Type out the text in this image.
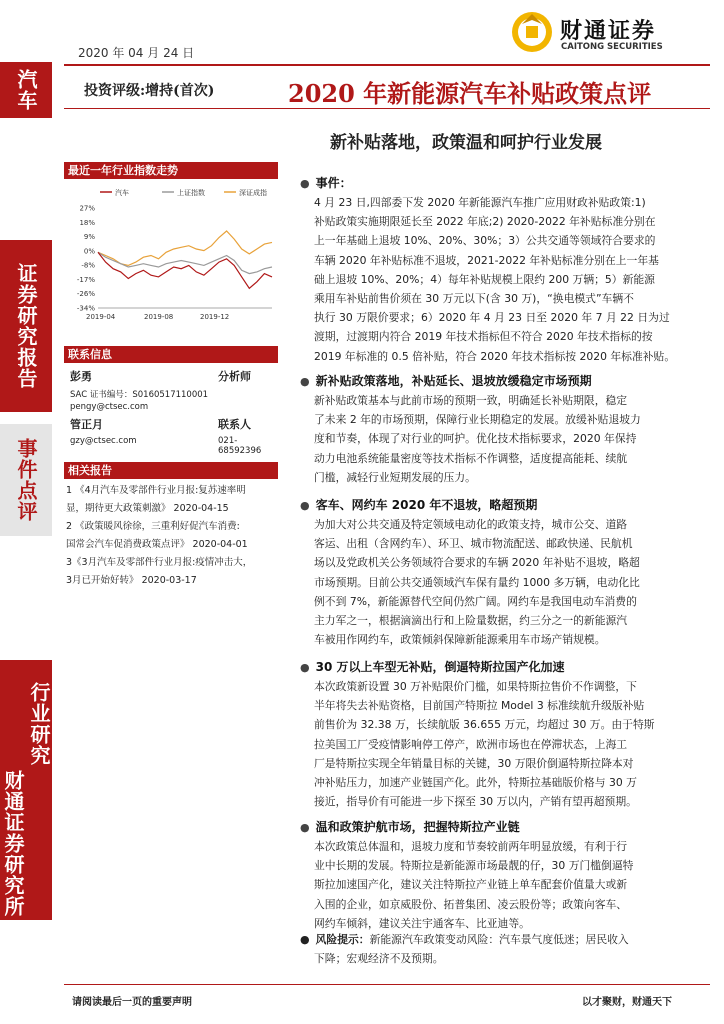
汽车
证券研究报告
事件点评
财通证券研究所
行业研究
2020 年 04 月 24 日
财通证券
CAITONG SECURITIES
投资评级:增持(首次)	2020 年新能源汽车补贴政策点评
新补贴落地，政策温和呵护行业发展
最近一年行业指数走势
汽车	上证指数	深证成指
27%
18%
9%
0%
-8%
-17%
-26%
-34%
2019-04	2019-08	2019-12
联系信息
彭勇	分析师
SAC 证书编号：S0160517110001
pengy@ctsec.com
管正月	联系人
gzy@ctsec.com	021-68592396
相关报告
1 《4月汽车及零部件行业月报:复苏速率明
显，期待更大政策刺激》 2020-04-15
2 《政策暖风徐徐，三重利好促汽车消费:
国常会汽车促消费政策点评》 2020-04-01
3《3月汽车及零部件行业月报:疫情冲击大，
3月已开始好转》 2020-03-17
● 事件：
4 月 23 日,四部委下发 2020 年新能源汽车推广应用财政补贴政策:1)
补贴政策实施期限延长至 2022 年底;2) 2020-2022 年补贴标准分别在
上一年基础上退坡 10%、20%、30%；3）公共交通等领域符合要求的
车辆 2020 年补贴标准不退坡，2021-2022 年补贴标准分别在上一年基
础上退坡 10%、20%；4）每年补贴规模上限约 200 万辆；5）新能源
乘用车补贴前售价须在 30 万元以下(含 30 万)，“换电模式”车辆不
执行 30 万限价要求；6）2020 年 4 月 23 日至 2020 年 7 月 22 日为过
渡期，过渡期内符合 2019 年技术指标但不符合 2020 年技术指标的按
2019 年标准的 0.5 倍补贴，符合 2020 年技术指标按 2020 年标准补贴。
● 新补贴政策落地，补贴延长、退坡放缓稳定市场预期
新补贴政策基本与此前市场的预期一致，明确延长补贴期限，稳定
了未来 2 年的市场预期，保障行业长期稳定的发展。放缓补贴退坡力
度和节奏，体现了对行业的呵护。优化技术指标要求，2020 年保持
动力电池系统能量密度等技术指标不作调整，适度提高能耗、续航
门槛，减轻行业短期发展的压力。
● 客车、网约车 2020 年不退坡，略超预期
为加大对公共交通及特定领域电动化的政策支持，城市公交、道路
客运、出租（含网约车）、环卫、城市物流配送、邮政快递、民航机
场以及党政机关公务领域符合要求的车辆 2020 年补贴不退坡，略超
市场预期。目前公共交通领域汽车保有量约 1000 多万辆，电动化比
例不到 7%，新能源替代空间仍然广阔。网约车是我国电动车消费的
主力军之一，根据滴滴出行和上险量数据，约三分之一的新能源汽
车被用作网约车，政策倾斜保障新能源乘用车市场产销规模。
● 30 万以上车型无补贴，倒逼特斯拉国产化加速
本次政策新设置 30 万补贴限价门槛，如果特斯拉售价不作调整，下
半年将失去补贴资格，目前国产特斯拉 Model 3 标准续航升级版补贴
前售价为 32.38 万，长续航版 36.655 万元，均超过 30 万。由于特斯
拉美国工厂受疫情影响停工停产，欧洲市场也在停滞状态，上海工
厂是特斯拉实现全年销量目标的关键，30 万限价倒逼特斯拉降本对
冲补贴压力，加速产业链国产化。此外，特斯拉基础版价格与 30 万
接近，指导价有可能进一步下探至 30 万以内，产销有望再超预期。
● 温和政策护航市场，把握特斯拉产业链
本次政策总体温和，退坡力度和节奏较前两年明显放缓，有利于行
业中长期的发展。特斯拉是新能源市场最靓的仔，30 万门槛倒逼特
斯拉加速国产化，建议关注特斯拉产业链上单车配套价值量大或新
入围的企业，如京威股份、拓普集团、凌云股份等；政策向客车、
网约车倾斜，建议关注宇通客车、比亚迪等。
● 风险提示：新能源汽车政策变动风险：汽车景气度低迷；居民收入
下降；宏观经济不及预期。
请阅读最后一页的重要声明	以才聚财，财通天下
